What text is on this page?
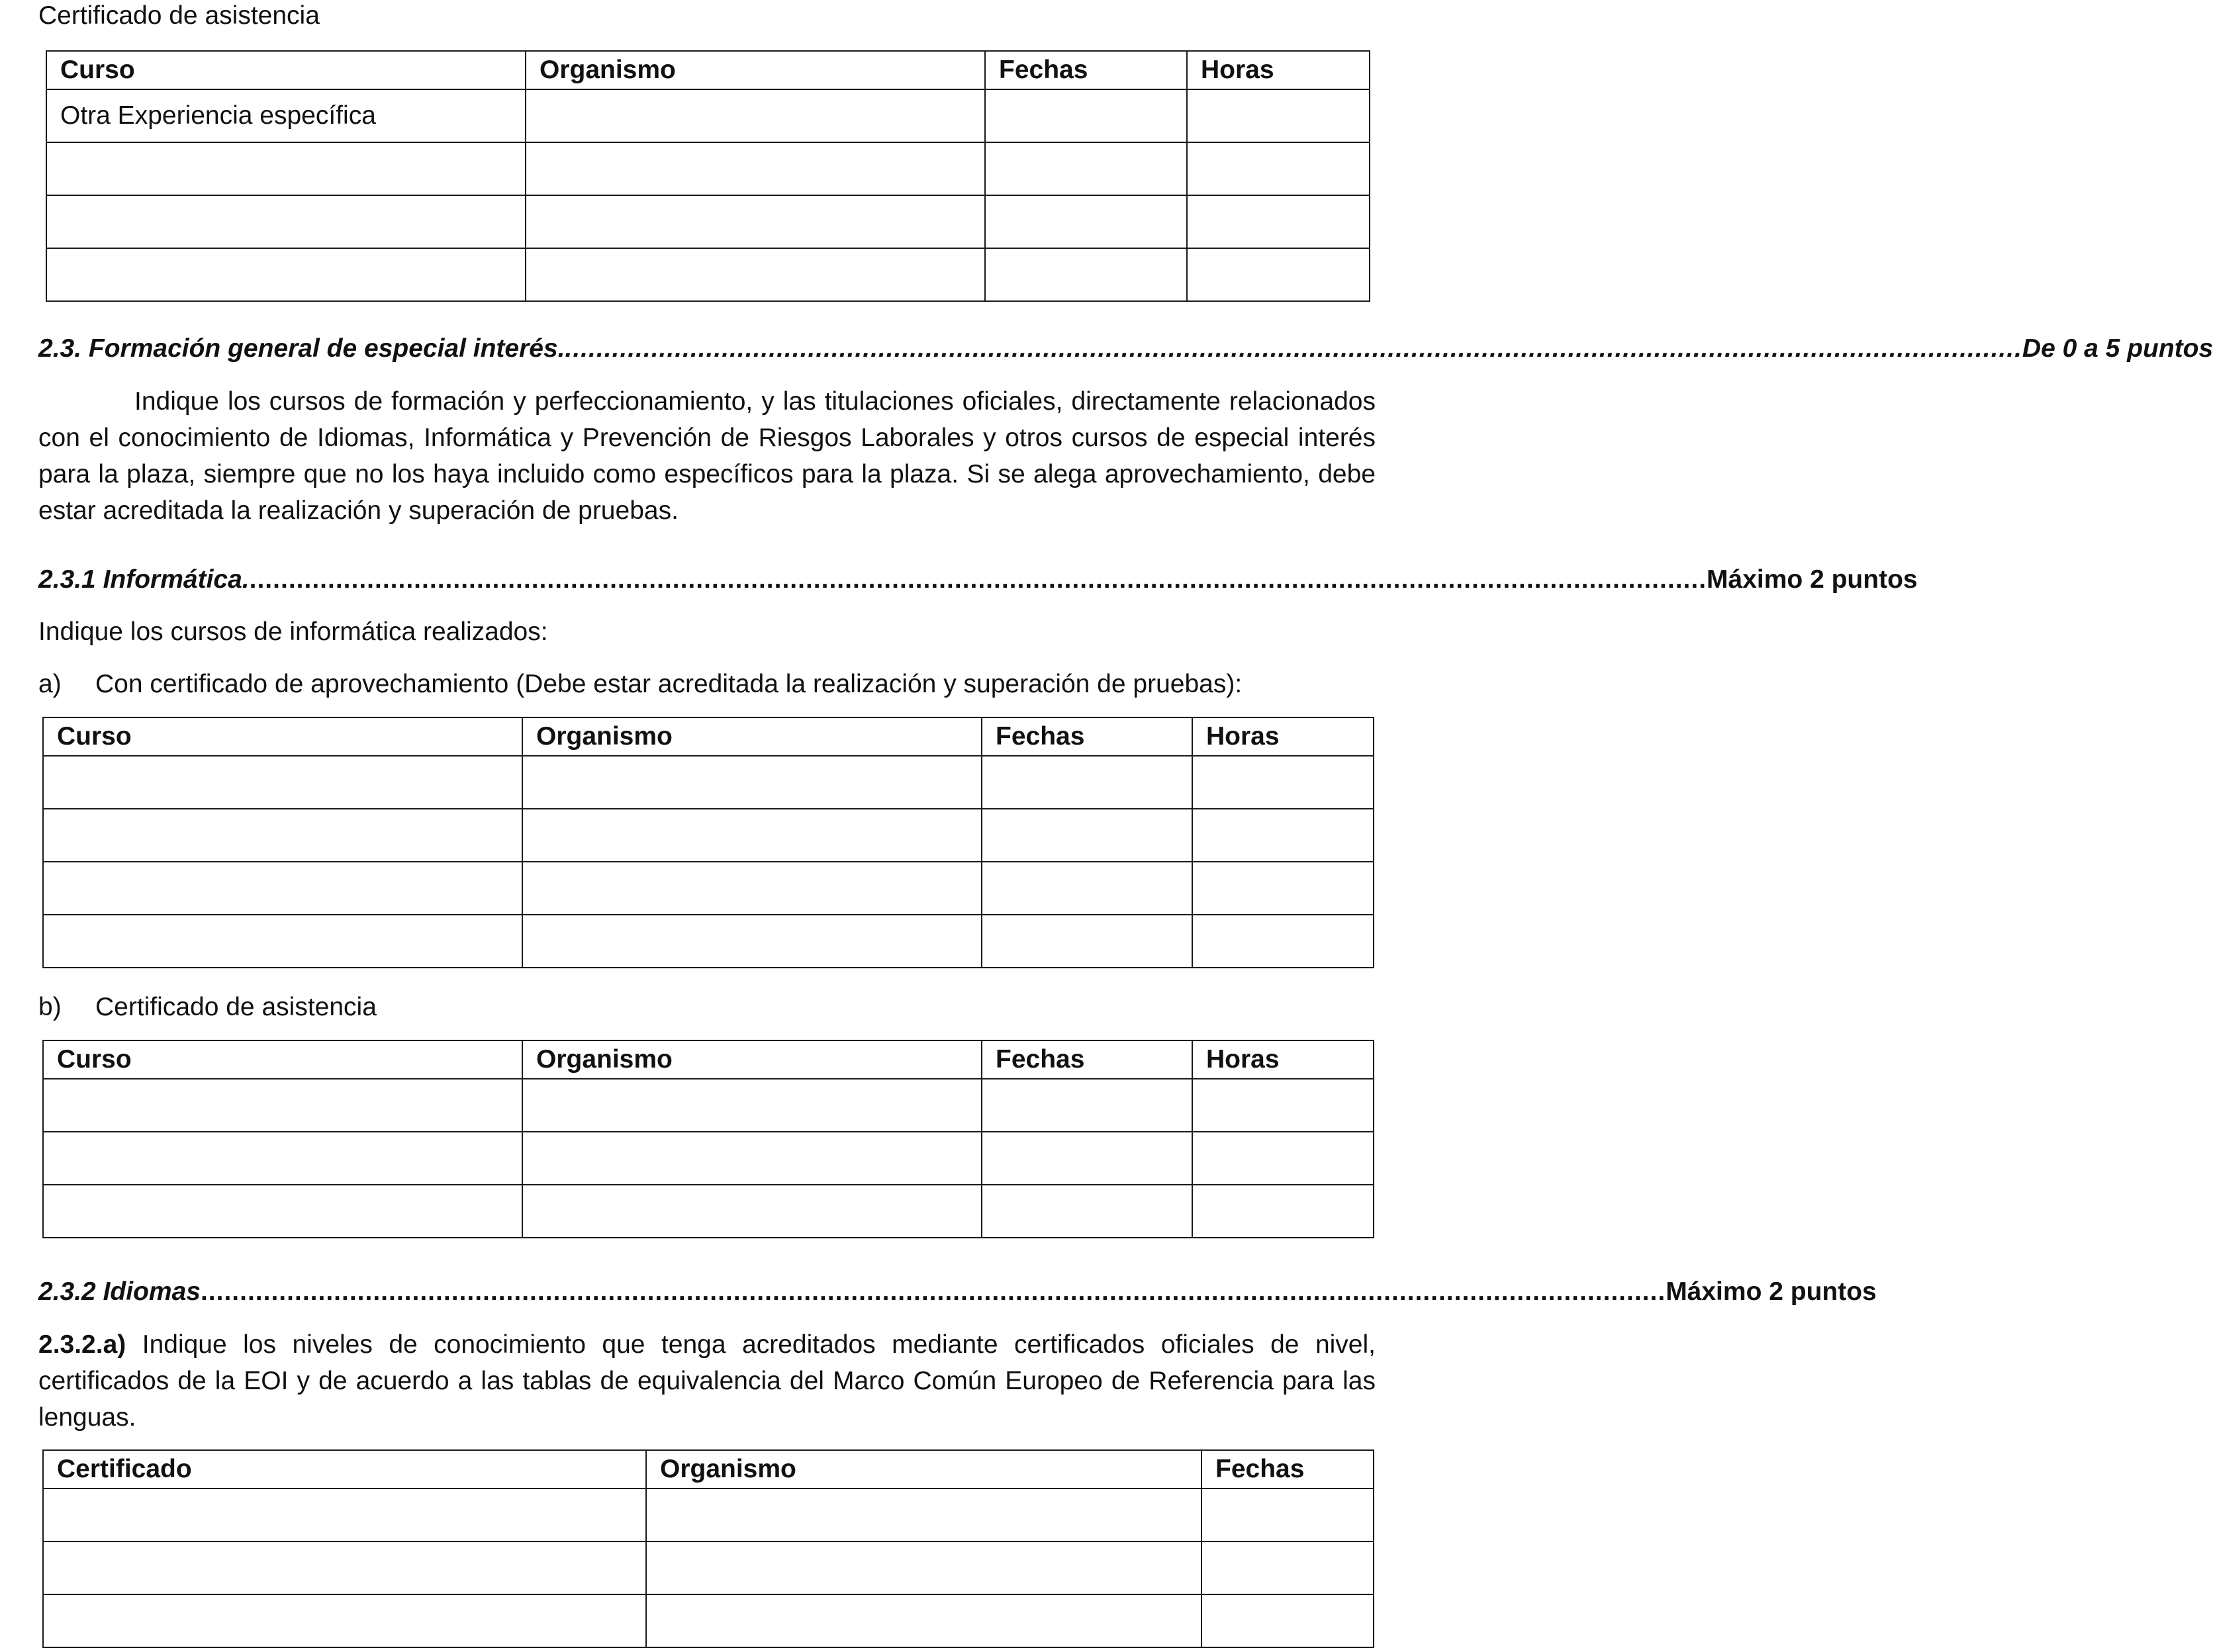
Certificado de asistencia
Curso	Organismo	Fechas	Horas
Otra Experiencia específica			

2.3. Formación general de especial interés. .......................................................................................................................................................................................... De 0 a 5 puntos
Indique los cursos de formación y perfeccionamiento, y las titulaciones oficiales, directamente relacionados con el conocimiento de Idiomas, Informática y Prevención de Riesgos Laborales y otros cursos de especial interés para la plaza, siempre que no los haya incluido como específicos para la plaza. Si se alega aprovechamiento, debe estar acreditada la realización y superación de pruebas.
2.3.1 Informática. .......................................................................................................................................................................................... Máximo 2 puntos
Indique los cursos de informática realizados:
a) Con certificado de aprovechamiento (Debe estar acreditada la realización y superación de pruebas):
Curso	Organismo	Fechas	Horas

b) Certificado de asistencia
Curso	Organismo	Fechas	Horas

2.3.2 Idiomas ........................................................................................................................................................................................... Máximo 2 puntos
2.3.2.a) Indique los niveles de conocimiento que tenga acreditados mediante certificados oficiales de nivel, certificados de la EOI y de acuerdo a las tablas de equivalencia del Marco Común Europeo de Referencia para las lenguas.
Certificado	Organismo	Fechas
